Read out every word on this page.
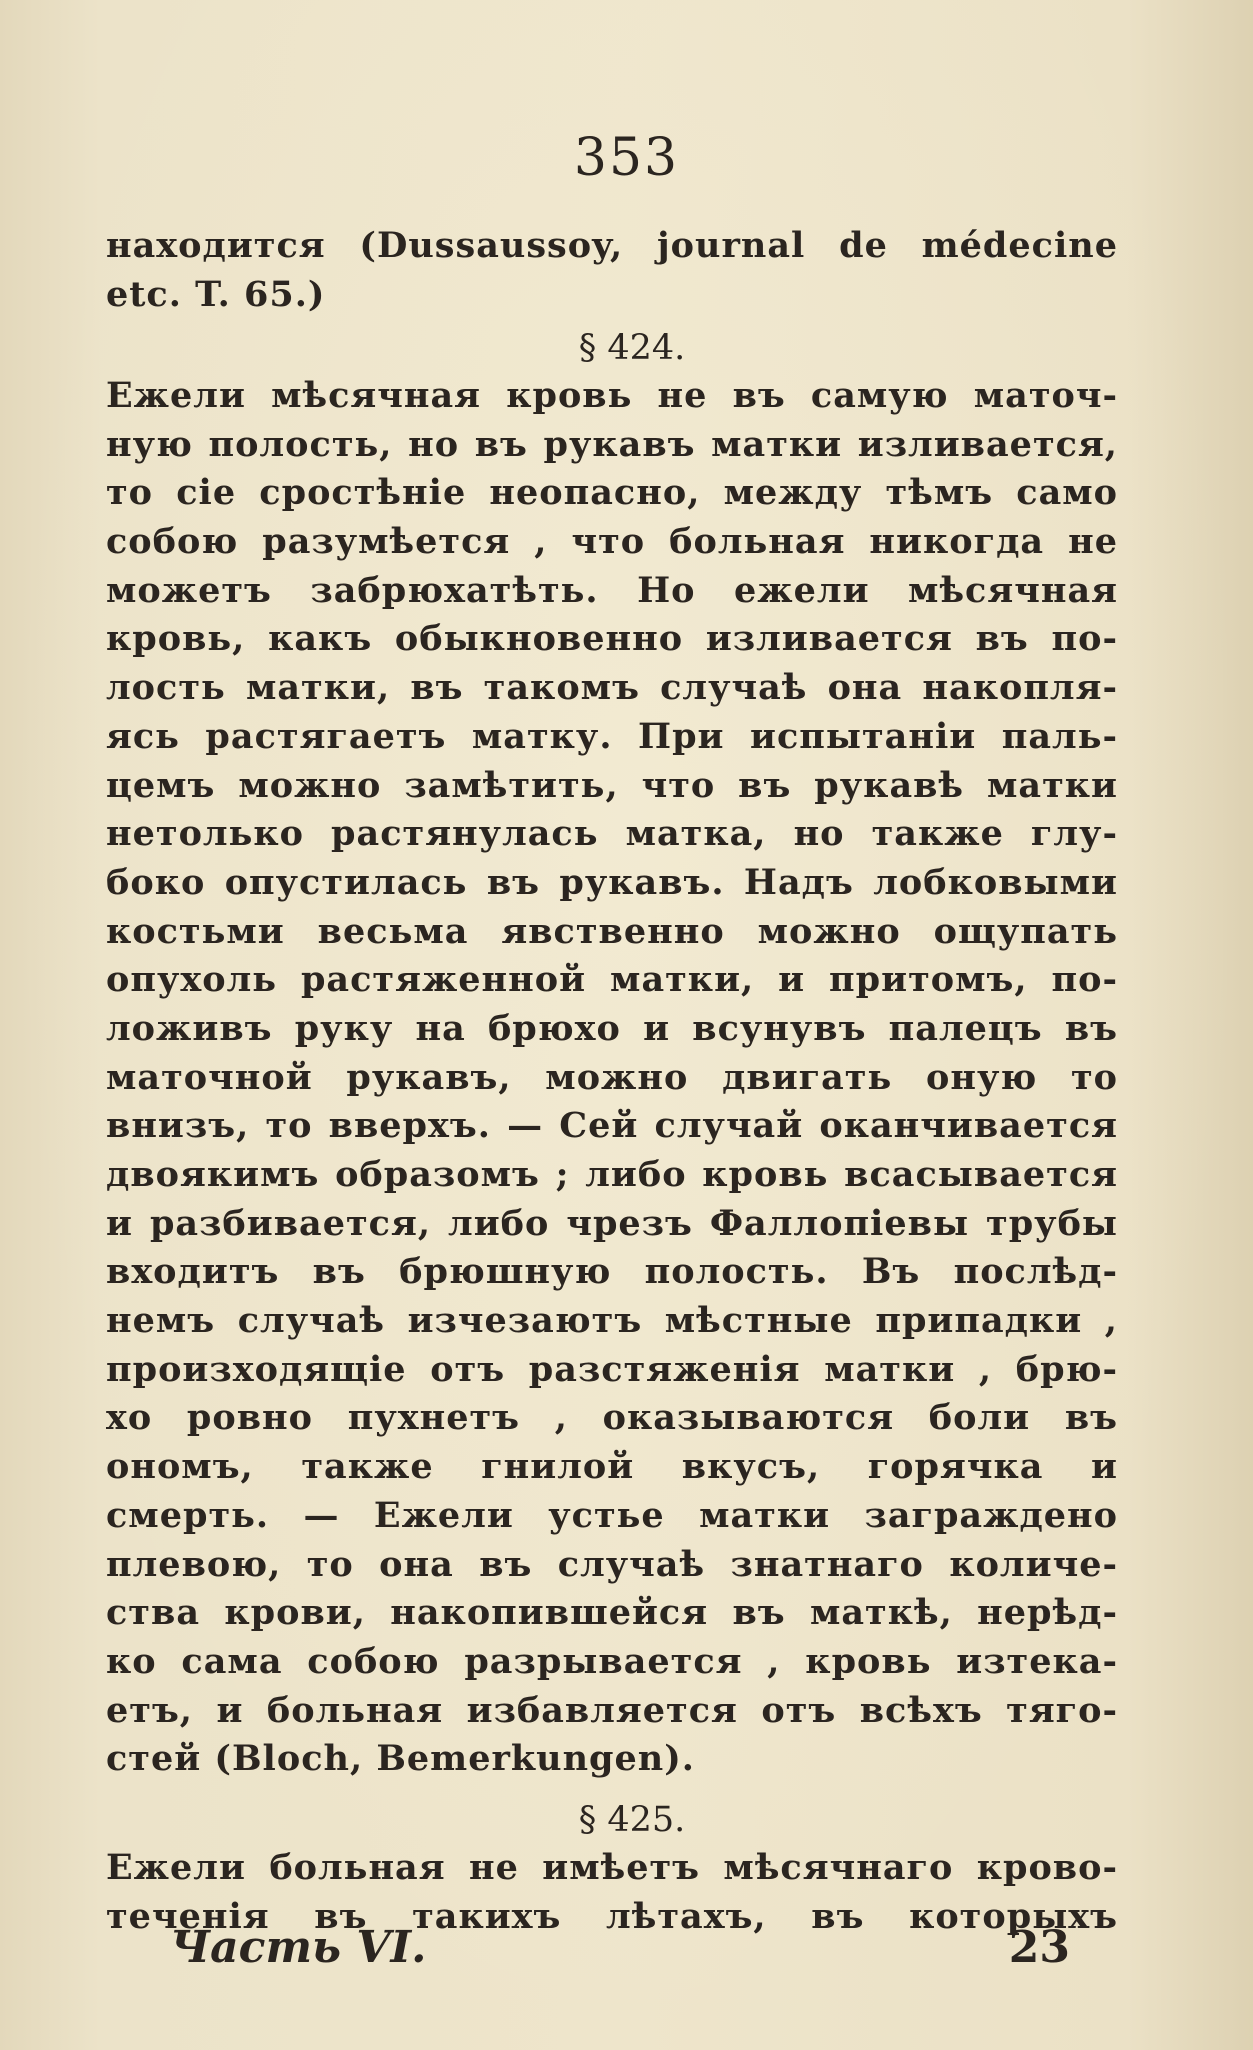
353
находится (Dussaussoy, journal de médecine
etc. T. 65.)
§ 424.
Ежели мѣсячная кровь не въ самую маточ-
ную полость, но въ рукавъ матки изливается,
то сіе сростѣніе неопасно, между тѣмъ само
собою разумѣется , что больная никогда не
можетъ забрюхатѣть. Но ежели мѣсячная
кровь, какъ обыкновенно изливается въ по-
лость матки, въ такомъ случаѣ она накопля-
ясь растягаетъ матку. При испытаніи паль-
цемъ можно замѣтить, что въ рукавѣ матки
нетолько растянулась матка, но также глу-
боко опустилась въ рукавъ. Надъ лобковыми
костьми весьма явственно можно ощупать
опухоль растяженной матки, и притомъ, по-
ложивъ руку на брюхо и всунувъ палецъ въ
маточной рукавъ, можно двигать оную то
внизъ, то вверхъ. — Сей случай оканчивается
двоякимъ образомъ ; либо кровь всасывается
и разбивается, либо чрезъ Фаллопіевы трубы
входитъ въ брюшную полость. Въ послѣд-
немъ случаѣ изчезаютъ мѣстные припадки ,
произходящіе отъ разстяженія матки , брю-
хо ровно пухнетъ , оказываются боли въ
ономъ, также гнилой вкусъ, горячка и
смерть. — Ежели устье матки заграждено
плевою, то она въ случаѣ знатнаго количе-
ства крови, накопившейся въ маткѣ, нерѣд-
ко сама собою разрывается , кровь изтекa-
етъ, и больная избавляется отъ всѣхъ тяго-
стей (Bloch, Bemerkungen).
§ 425.
Ежели больная не имѣетъ мѣсячнаго крово-
теченія въ такихъ лѣтахъ, въ которыхъ
Часть VI.	23
